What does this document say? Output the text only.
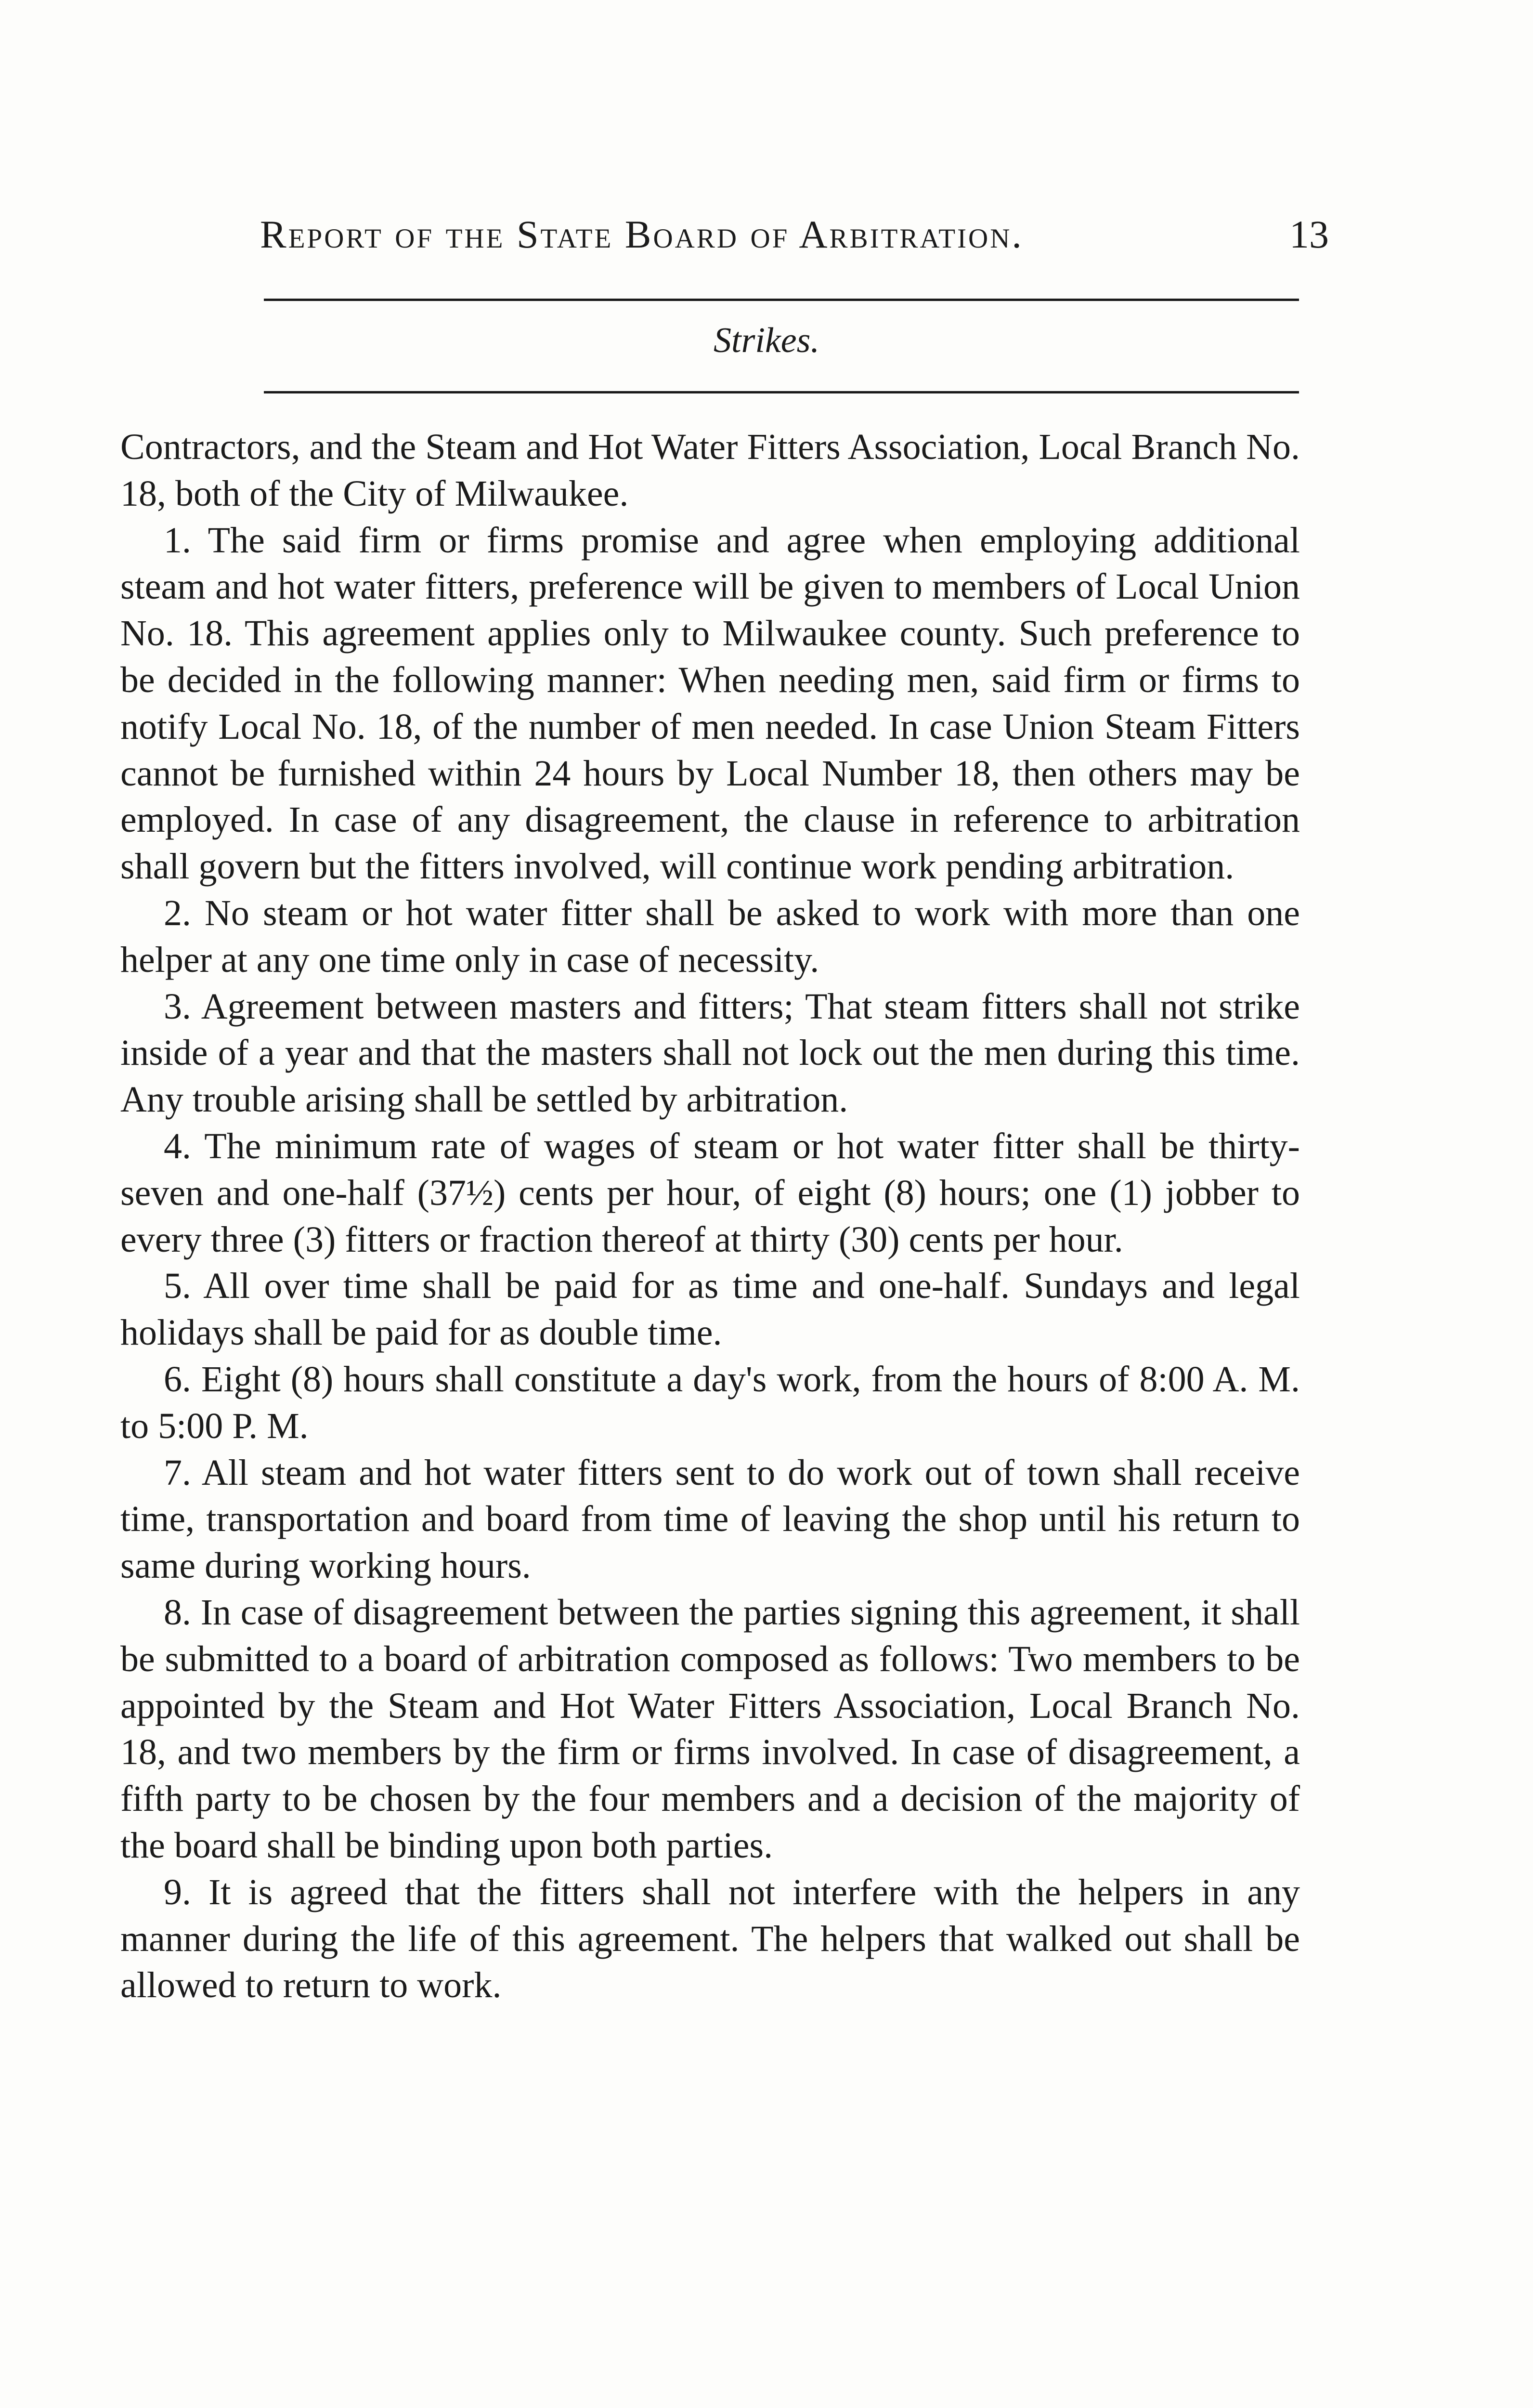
Report of the State Board of Arbitration.	13
Strikes.

Contractors, and the Steam and Hot Water Fitters Association, Local Branch No. 18, both of the City of Milwaukee.

1. The said firm or firms promise and agree when employing additional steam and hot water fitters, preference will be given to members of Local Union No. 18. This agreement applies only to Milwaukee county. Such preference to be decided in the following manner: When needing men, said firm or firms to notify Local No. 18, of the number of men needed. In case Union Steam Fitters cannot be furnished within 24 hours by Local Number 18, then others may be employed. In case of any disagreement, the clause in reference to arbitration shall govern but the fitters involved, will continue work pending arbitration.

2. No steam or hot water fitter shall be asked to work with more than one helper at any one time only in case of necessity.

3. Agreement between masters and fitters; That steam fitters shall not strike inside of a year and that the masters shall not lock out the men during this time. Any trouble arising shall be settled by arbitration.

4. The minimum rate of wages of steam or hot water fitter shall be thirty-seven and one-half (37½) cents per hour, of eight (8) hours; one (1) jobber to every three (3) fitters or fraction thereof at thirty (30) cents per hour.

5. All over time shall be paid for as time and one-half. Sundays and legal holidays shall be paid for as double time.

6. Eight (8) hours shall constitute a day's work, from the hours of 8:00 A. M. to 5:00 P. M.

7. All steam and hot water fitters sent to do work out of town shall receive time, transportation and board from time of leaving the shop until his return to same during working hours.

8. In case of disagreement between the parties signing this agreement, it shall be submitted to a board of arbitration composed as follows: Two members to be appointed by the Steam and Hot Water Fitters Association, Local Branch No. 18, and two members by the firm or firms involved. In case of disagreement, a fifth party to be chosen by the four members and a decision of the majority of the board shall be binding upon both parties.

9. It is agreed that the fitters shall not interfere with the helpers in any manner during the life of this agreement. The helpers that walked out shall be allowed to return to work.
